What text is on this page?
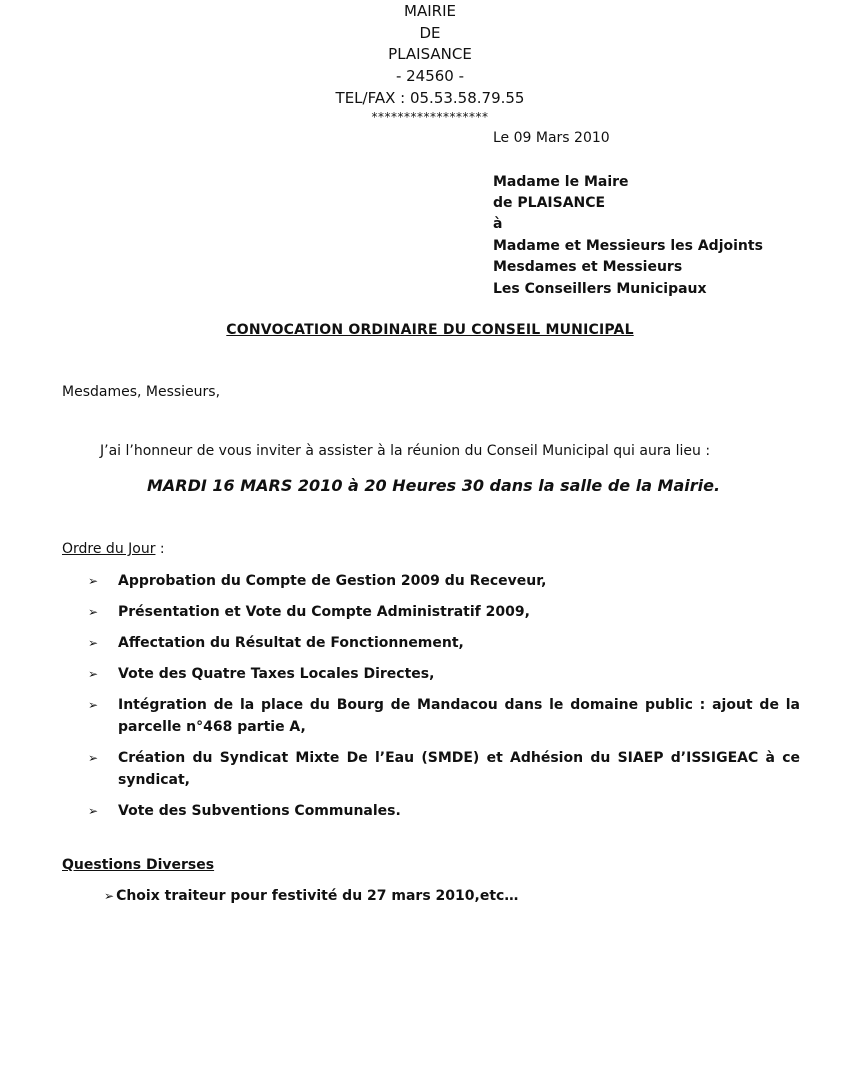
MAIRIE
DE
PLAISANCE
- 24560 -
TEL/FAX : 05.53.58.79.55
******************
Le 09 Mars 2010
Madame le Maire
de PLAISANCE
à
Madame et Messieurs les Adjoints
Mesdames et Messieurs
Les Conseillers Municipaux
CONVOCATION ORDINAIRE DU CONSEIL MUNICIPAL
Mesdames, Messieurs,
J’ai l’honneur de vous inviter à assister à la réunion du Conseil Municipal qui aura lieu :
MARDI 16 MARS 2010 à 20 Heures 30 dans la salle de la Mairie.
Ordre du Jour :
➢ Approbation du Compte de Gestion 2009 du Receveur,
➢ Présentation et Vote du Compte Administratif 2009,
➢ Affectation du Résultat de Fonctionnement,
➢ Vote des Quatre Taxes Locales Directes,
➢ Intégration de la place du Bourg de Mandacou dans le domaine public : ajout de la parcelle n°468 partie A,
➢ Création du Syndicat Mixte De l’Eau (SMDE) et Adhésion du SIAEP d’ISSIGEAC à ce syndicat,
➢ Vote des Subventions Communales.
Questions Diverses
➢ Choix traiteur pour festivité du 27 mars 2010,etc…
